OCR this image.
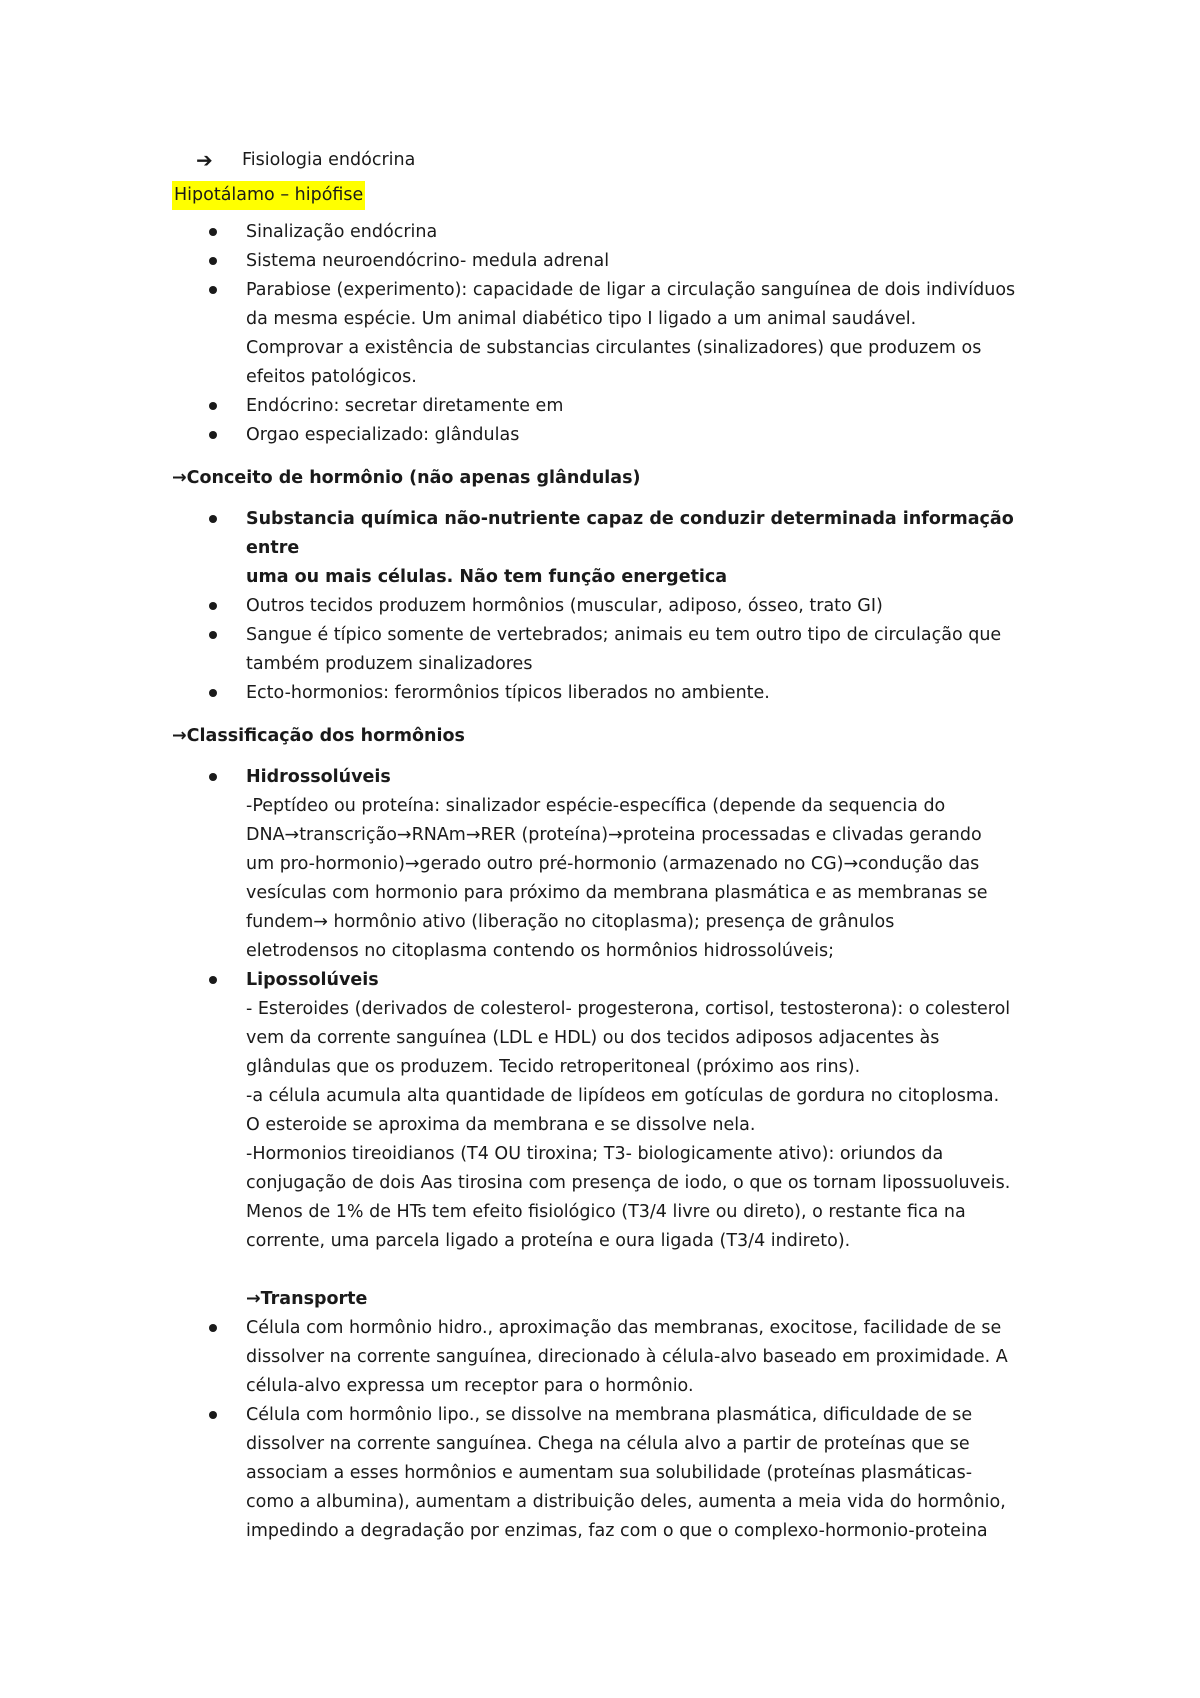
➔	Fisiologia endócrina
Hipotálamo – hipófise
Sinalização endócrina
Sistema neuroendócrino- medula adrenal
Parabiose (experimento): capacidade de ligar a circulação sanguínea de dois indivíduos
da mesma espécie. Um animal diabético tipo I ligado a um animal saudável.
Comprovar a existência de substancias circulantes (sinalizadores) que produzem os
efeitos patológicos.
Endócrino: secretar diretamente em
Orgao especializado: glândulas
→Conceito de hormônio (não apenas glândulas)
Substancia química não-nutriente capaz de conduzir determinada informação entre
uma ou mais células. Não tem função energetica
Outros tecidos produzem hormônios (muscular, adiposo, ósseo, trato GI)
Sangue é típico somente de vertebrados; animais eu tem outro tipo de circulação que
também produzem sinalizadores
Ecto-hormonios: ferormônios típicos liberados no ambiente.
→Classificação dos hormônios
Hidrossolúveis
-Peptídeo ou proteína: sinalizador espécie-específica (depende da sequencia do
DNA→transcrição→RNAm→RER (proteína)→proteina processadas e clivadas gerando
um pro-hormonio)→gerado outro pré-hormonio (armazenado no CG)→condução das
vesículas com hormonio para próximo da membrana plasmática e as membranas se
fundem→ hormônio ativo (liberação no citoplasma); presença de grânulos
eletrodensos no citoplasma contendo os hormônios hidrossolúveis;
Lipossolúveis
- Esteroides (derivados de colesterol- progesterona, cortisol, testosterona): o colesterol
vem da corrente sanguínea (LDL e HDL) ou dos tecidos adiposos adjacentes às
glândulas que os produzem. Tecido retroperitoneal (próximo aos rins).
-a célula acumula alta quantidade de lipídeos em gotículas de gordura no citoplosma.
O esteroide se aproxima da membrana e se dissolve nela.
-Hormonios tireoidianos (T4 OU tiroxina; T3- biologicamente ativo): oriundos da
conjugação de dois Aas tirosina com presença de iodo, o que os tornam lipossuoluveis.
Menos de 1% de HTs tem efeito fisiológico (T3/4 livre ou direto), o restante fica na
corrente, uma parcela ligado a proteína e oura ligada (T3/4 indireto).
→Transporte
Célula com hormônio hidro., aproximação das membranas, exocitose, facilidade de se
dissolver na corrente sanguínea, direcionado à célula-alvo baseado em proximidade. A
célula-alvo expressa um receptor para o hormônio.
Célula com hormônio lipo., se dissolve na membrana plasmática, dificuldade de se
dissolver na corrente sanguínea. Chega na célula alvo a partir de proteínas que se
associam a esses hormônios e aumentam sua solubilidade (proteínas plasmáticas-
como a albumina), aumentam a distribuição deles, aumenta a meia vida do hormônio,
impedindo a degradação por enzimas, faz com o que o complexo-hormonio-proteina
